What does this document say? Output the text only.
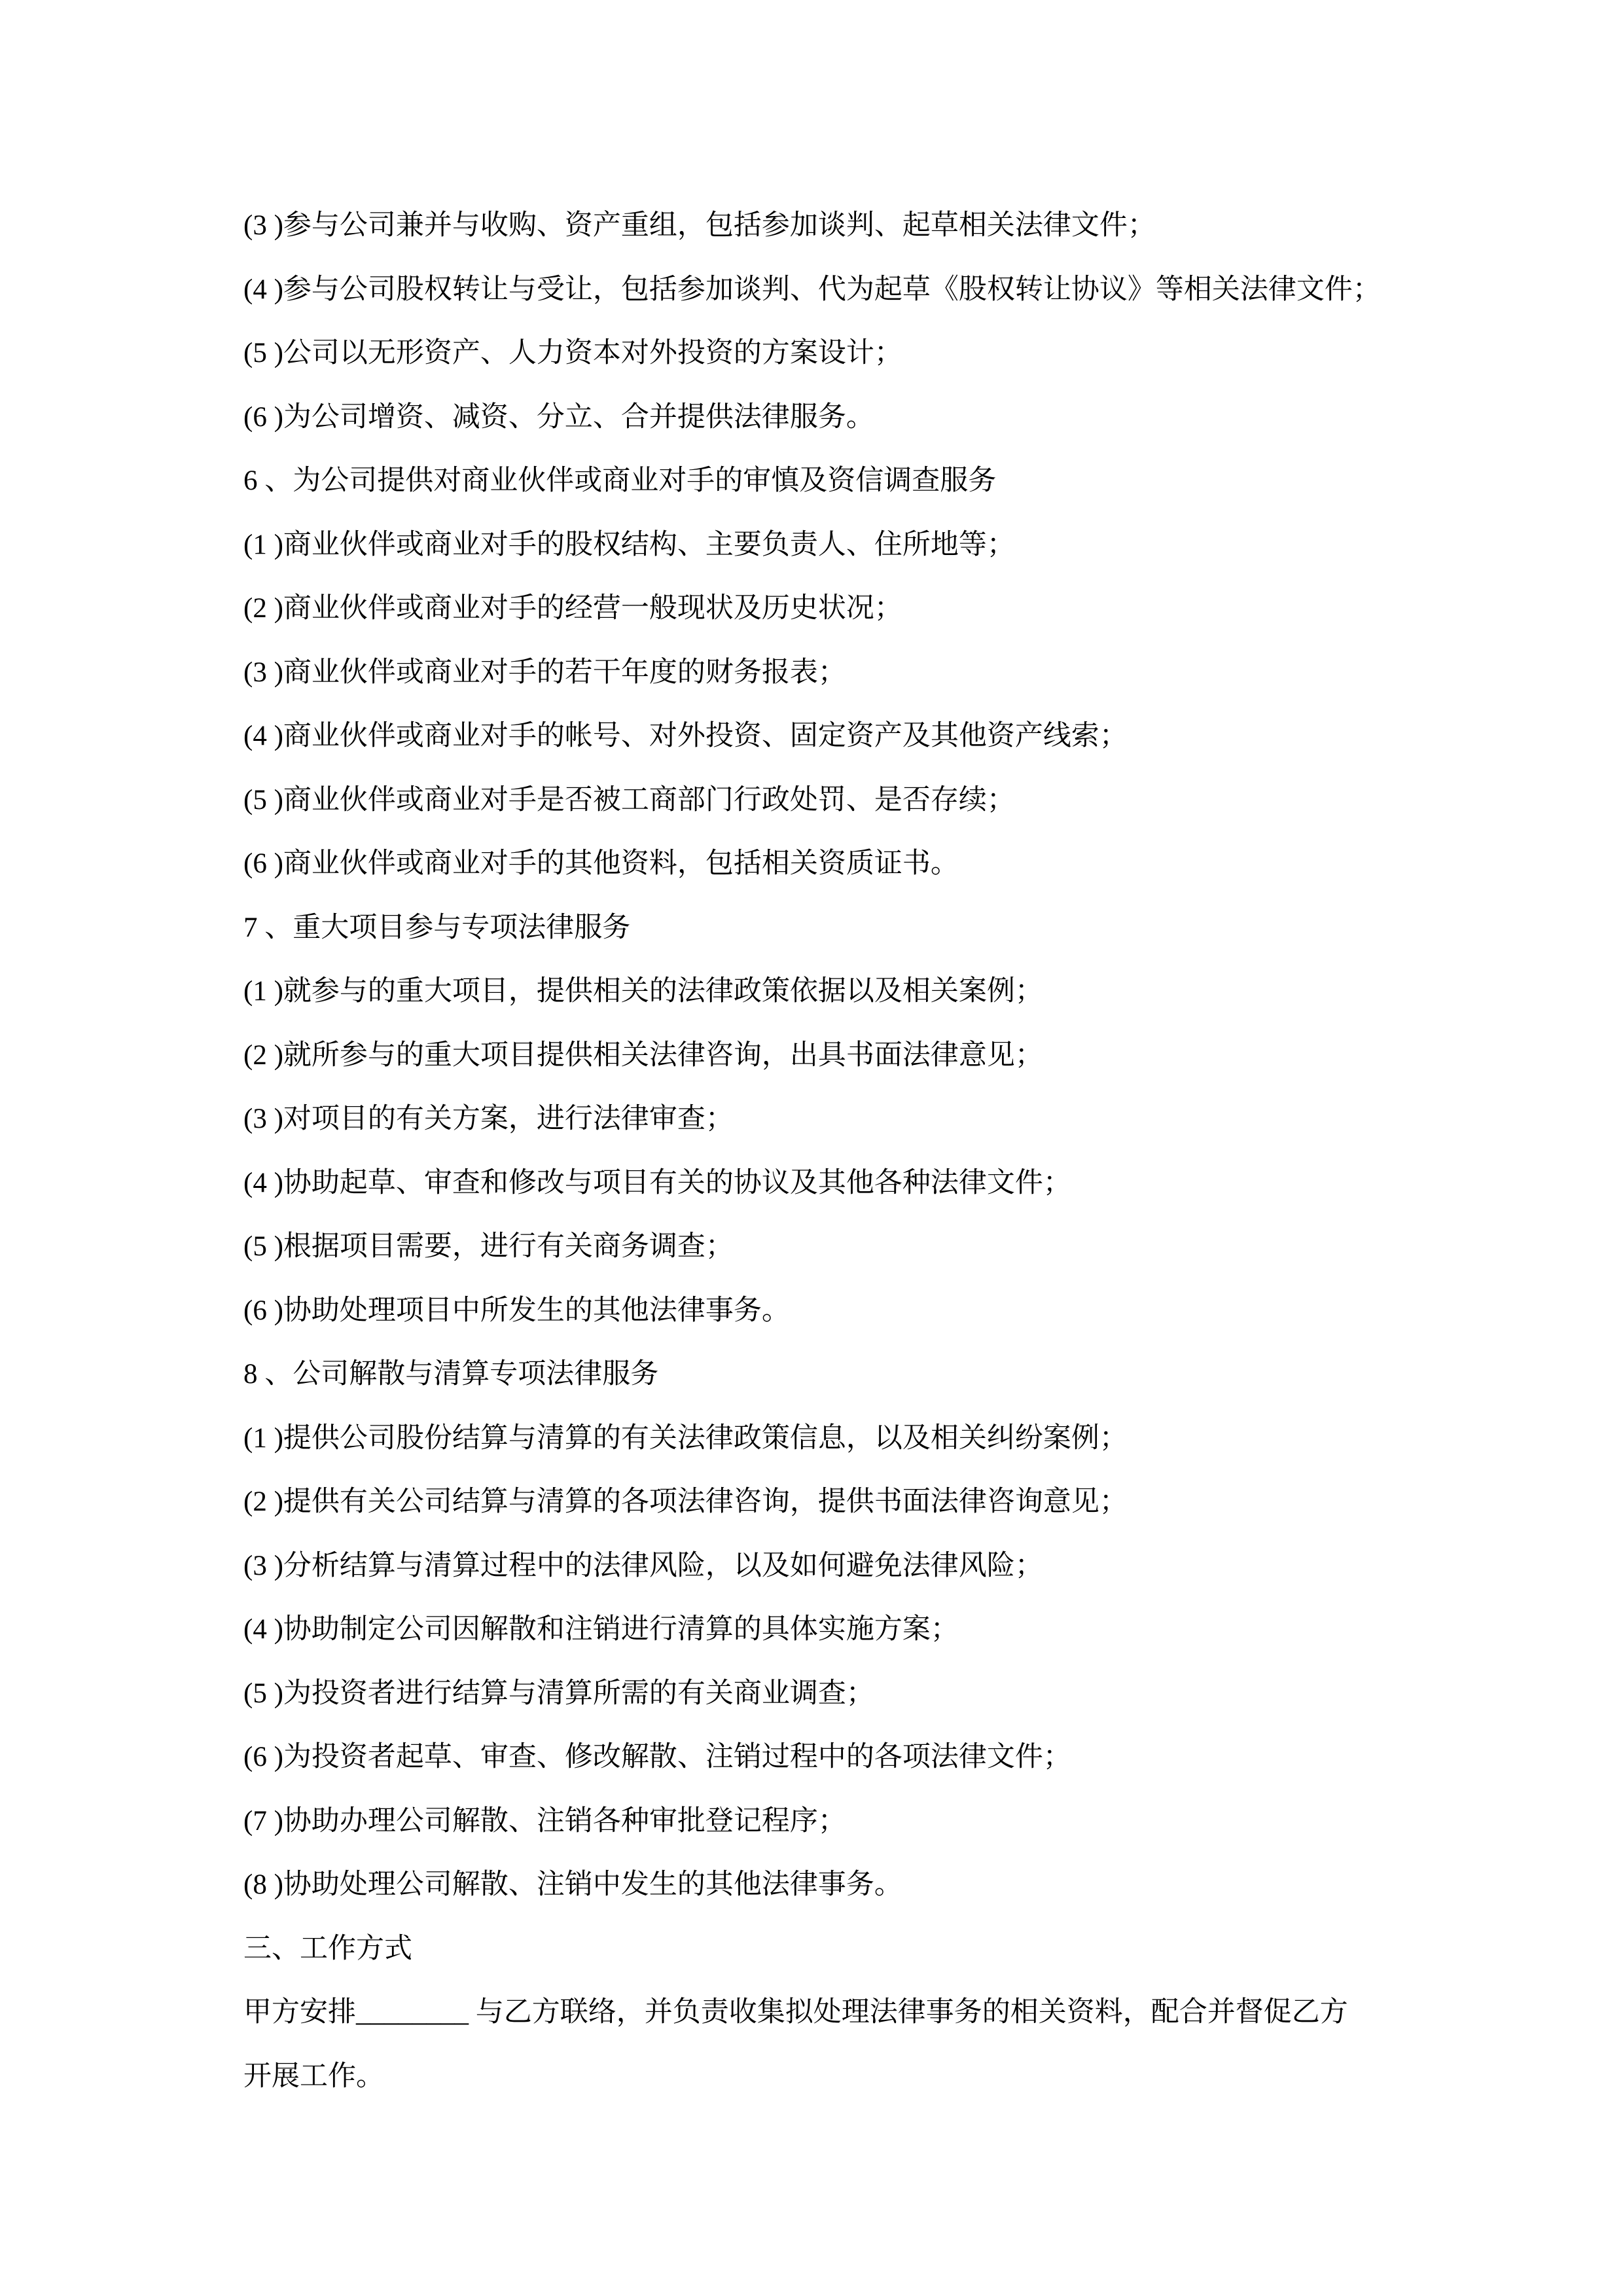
(3 )参与公司兼并与收购、资产重组，包括参加谈判、起草相关法律文件；
(4 )参与公司股权转让与受让，包括参加谈判、代为起草《股权转让协议》等相关法律文件；
(5 )公司以无形资产、人力资本对外投资的方案设计；
(6 )为公司增资、减资、分立、合并提供法律服务。
6 、为公司提供对商业伙伴或商业对手的审慎及资信调查服务
(1 )商业伙伴或商业对手的股权结构、主要负责人、住所地等；
(2 )商业伙伴或商业对手的经营一般现状及历史状况；
(3 )商业伙伴或商业对手的若干年度的财务报表；
(4 )商业伙伴或商业对手的帐号、对外投资、固定资产及其他资产线索；
(5 )商业伙伴或商业对手是否被工商部门行政处罚、是否存续；
(6 )商业伙伴或商业对手的其他资料，包括相关资质证书。
7 、重大项目参与专项法律服务
(1 )就参与的重大项目，提供相关的法律政策依据以及相关案例；
(2 )就所参与的重大项目提供相关法律咨询，出具书面法律意见；
(3 )对项目的有关方案，进行法律审查；
(4 )协助起草、审查和修改与项目有关的协议及其他各种法律文件；
(5 )根据项目需要，进行有关商务调查；
(6 )协助处理项目中所发生的其他法律事务。
8 、公司解散与清算专项法律服务
(1 )提供公司股份结算与清算的有关法律政策信息，以及相关纠纷案例；
(2 )提供有关公司结算与清算的各项法律咨询，提供书面法律咨询意见；
(3 )分析结算与清算过程中的法律风险，以及如何避免法律风险；
(4 )协助制定公司因解散和注销进行清算的具体实施方案；
(5 )为投资者进行结算与清算所需的有关商业调查；
(6 )为投资者起草、审查、修改解散、注销过程中的各项法律文件；
(7 )协助办理公司解散、注销各种审批登记程序；
(8 )协助处理公司解散、注销中发生的其他法律事务。
三、工作方式
甲方安排________ 与乙方联络，并负责收集拟处理法律事务的相关资料，配合并督促乙方
开展工作。
